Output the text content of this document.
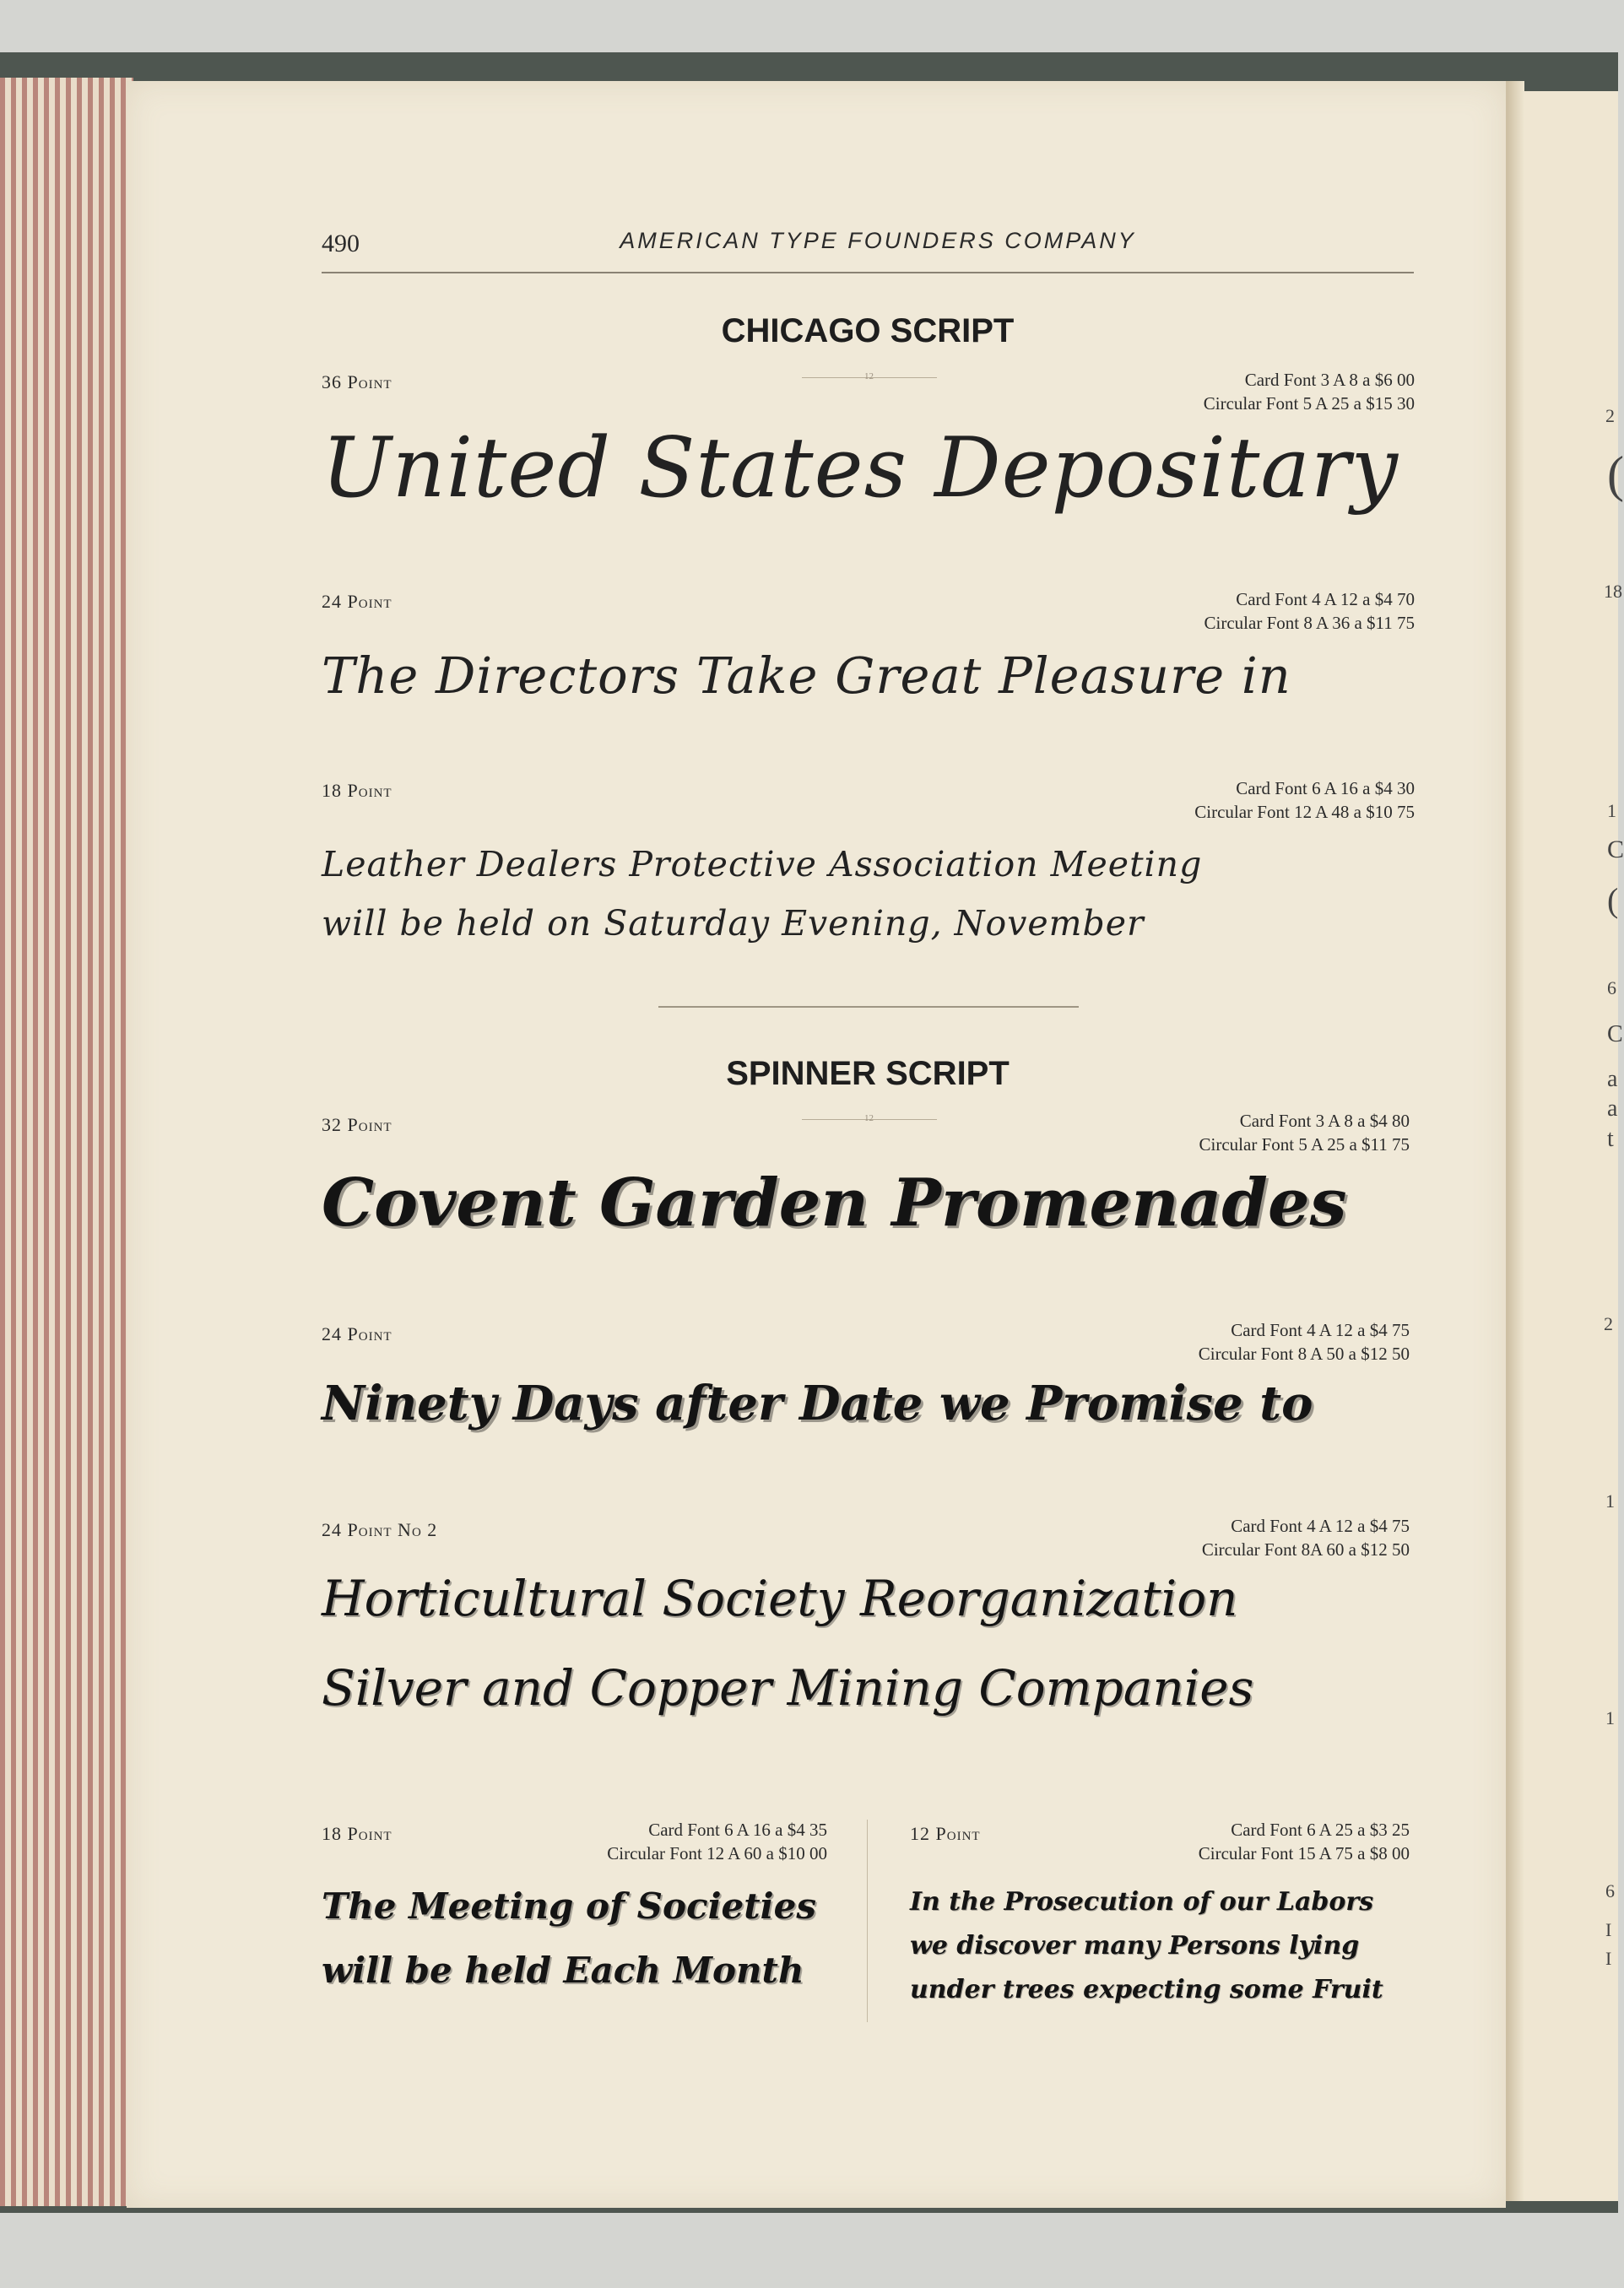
2
(
18
1
C
(
6
C
a
a
t
2
1
1
6
I
I
490	AMERICAN TYPE FOUNDERS COMPANY
CHICAGO SCRIPT
12
36 Point	Card Font 3 A 8 a $6 00
Circular Font 5 A 25 a $15 30
United States Depositary
24 Point	Card Font 4 A 12 a $4 70
Circular Font 8 A 36 a $11 75
The Directors Take Great Pleasure in
18 Point	Card Font 6 A 16 a $4 30
Circular Font 12 A 48 a $10 75
Leather Dealers Protective Association Meeting
will be held on Saturday Evening, November
SPINNER SCRIPT
12
32 Point	Card Font 3 A 8 a $4 80
Circular Font 5 A 25 a $11 75
Covent Garden Promenades
24 Point	Card Font 4 A 12 a $4 75
Circular Font 8 A 50 a $12 50
Ninety Days after Date we Promise to
24 Point No 2	Card Font 4 A 12 a $4 75
Circular Font 8A 60 a $12 50
Horticultural Society Reorganization
Silver and Copper Mining Companies
18 Point	Card Font 6 A 16 a $4 35
Circular Font 12 A 60 a $10 00
The Meeting of Societies
will be held Each Month
12 Point	Card Font 6 A 25 a $3 25
Circular Font 15 A 75 a $8 00
In the Prosecution of our Labors
we discover many Persons lying
under trees expecting some Fruit
